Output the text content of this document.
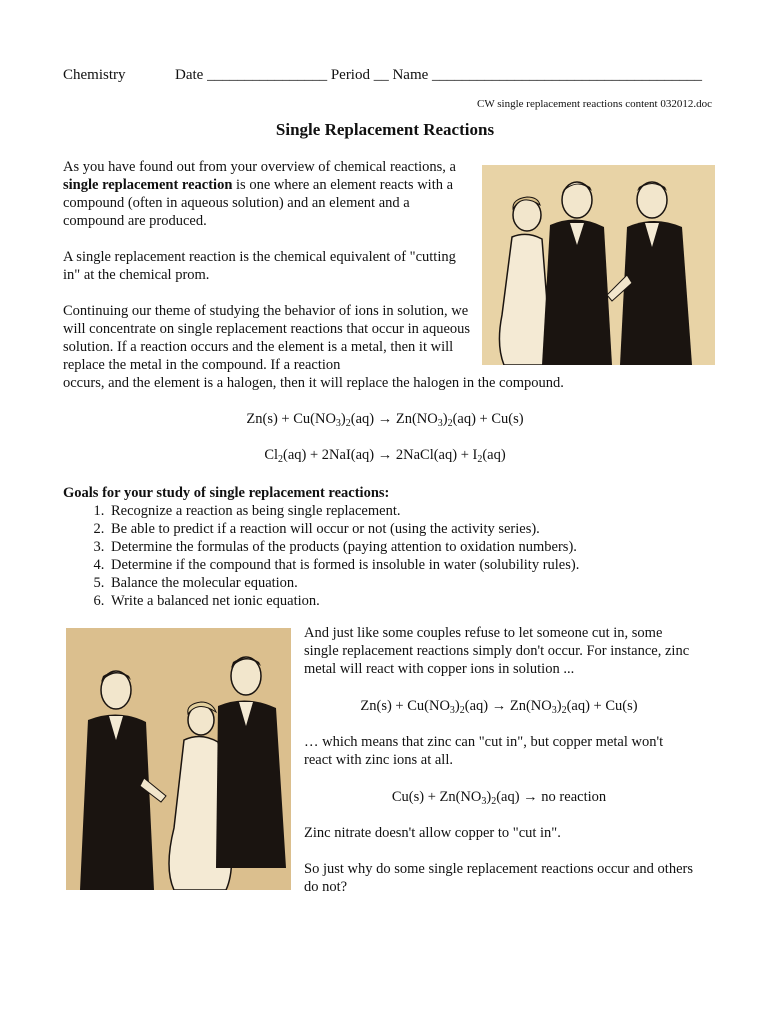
Chemistry	Date ________________ Period __ Name ____________________________________
CW single replacement reactions content 032012.doc
Single Replacement Reactions

As you have found out from your overview of chemical reactions, a single replacement reaction is one where an element reacts with a compound (often in aqueous solution) and an element and a compound are produced.

A single replacement reaction is the chemical equivalent of "cutting in" at the chemical prom.

Continuing our theme of studying the behavior of ions in solution, we will concentrate on single replacement reactions that occur in aqueous solution. If a reaction occurs and the element is a metal, then it will replace the metal in the compound. If a reaction

occurs, and the element is a halogen, then it will replace the halogen in the compound.

$Zn(s) + Cu(NO_3)_2(aq) \to Zn(NO_3)_2(aq) + Cu(s)$
$Cl_2(aq) + 2NaI(aq)$ → 2NaCl(aq) + $I_2(aq)$
Goals for your study of single replacement reactions:
1. Recognize a reaction as being single replacement.
2. Be able to predict if a reaction will occur or not (using the activity series).
3. Determine the formulas of the products (paying attention to oxidation numbers).
4. Determine if the compound that is formed is insoluble in water (solubility rules).
5. Balance the molecular equation.
6. Write a balanced net ionic equation.

And just like some couples refuse to let someone cut in, some single replacement reactions simply don't occur. For instance, zinc metal will react with copper ions in solution ...

$Zn(s) + Cu(NO_3)_2(aq) \to Zn(NO_3)_2(aq) + Cu(s)$

… which means that zinc can "cut in", but copper metal won't react with zinc ions at all.

$Cu(s) + Zn(NO_3)_2(aq)$ → no reaction

Zinc nitrate doesn't allow copper to "cut in".

So just why do some single replacement reactions occur and others do not?
